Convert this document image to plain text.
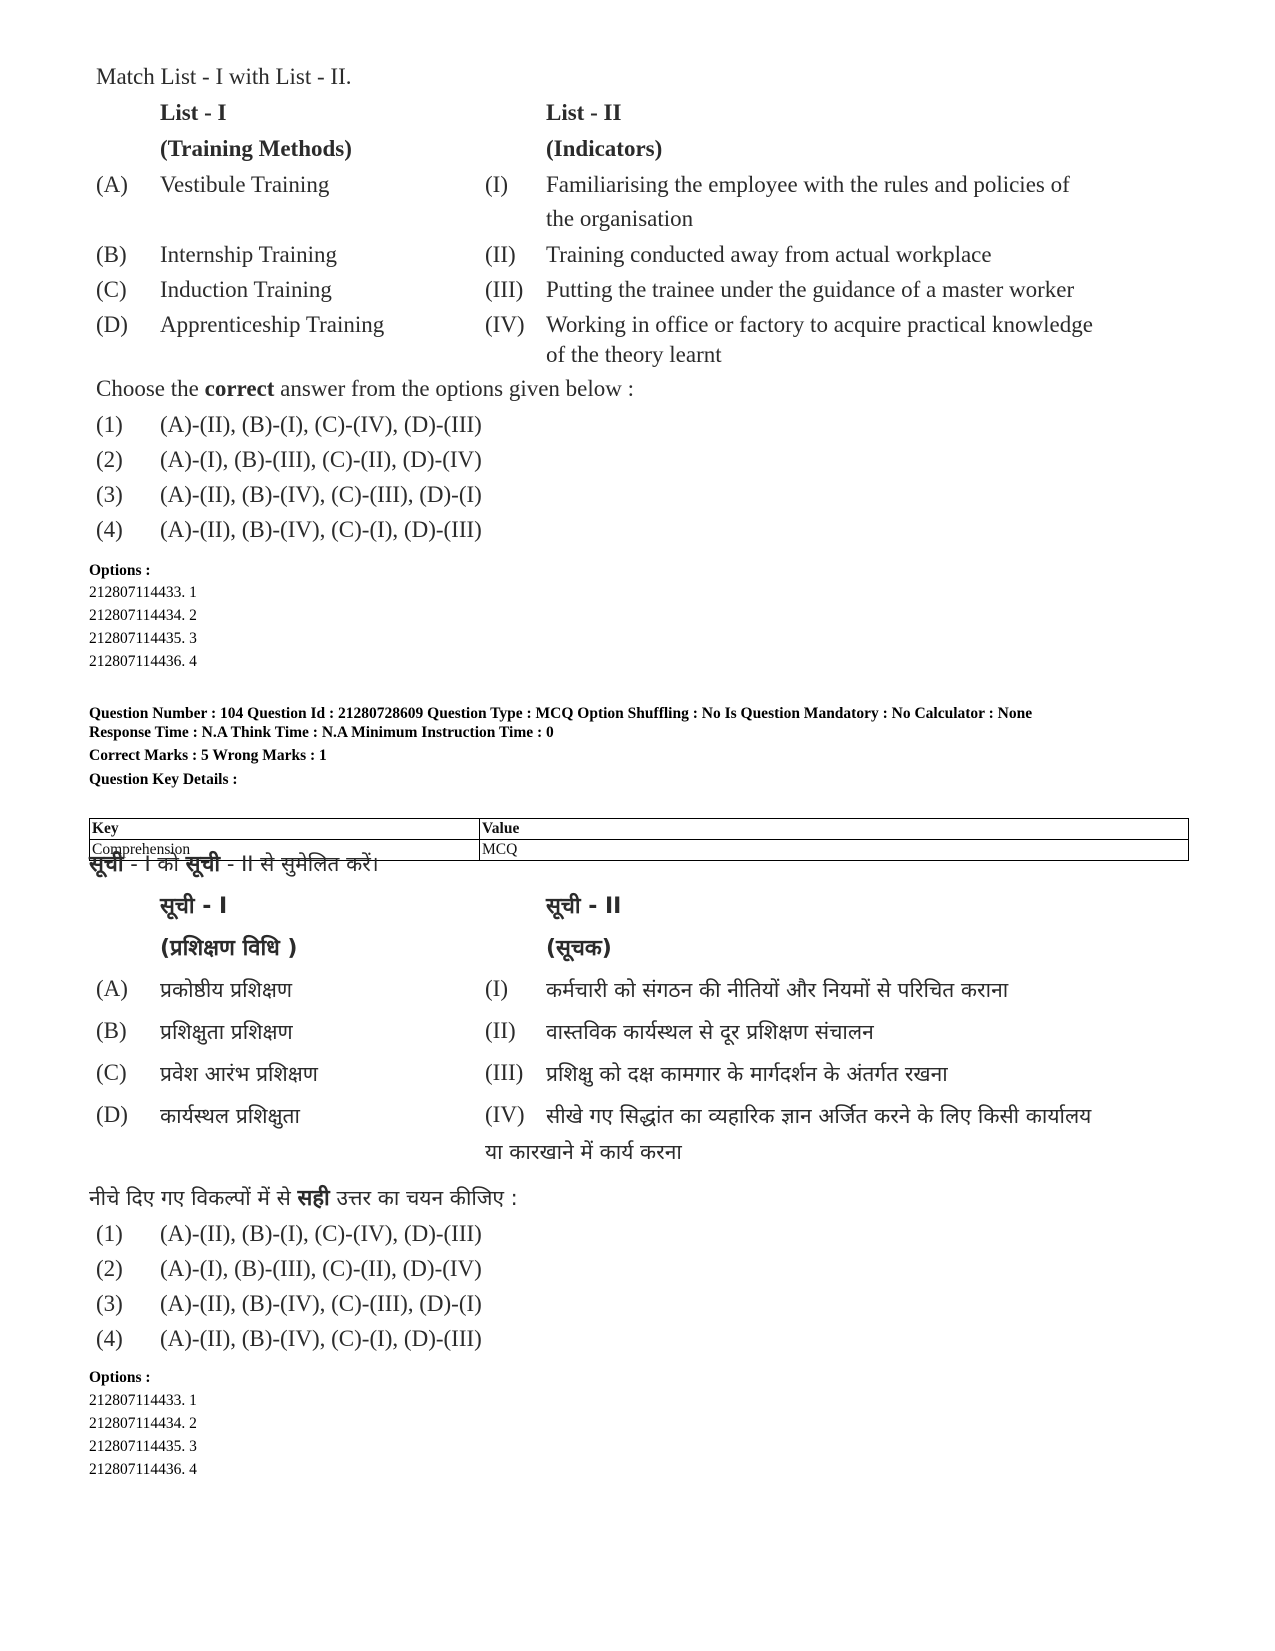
Match List - I with List - II.
List - I	List - II
(Training Methods)	(Indicators)
(A) Vestibule Training	(I) Familiarising the employee with the rules and policies of
the organisation
(B) Internship Training	(II) Training conducted away from actual workplace
(C) Induction Training	(III) Putting the trainee under the guidance of a master worker
(D) Apprenticeship Training	(IV) Working in office or factory to acquire practical knowledge
of the theory learnt
Choose the correct answer from the options given below :
(1) (A)-(II), (B)-(I), (C)-(IV), (D)-(III)
(2) (A)-(I), (B)-(III), (C)-(II), (D)-(IV)
(3) (A)-(II), (B)-(IV), (C)-(III), (D)-(I)
(4) (A)-(II), (B)-(IV), (C)-(I), (D)-(III)
Options :
212807114433. 1
212807114434. 2
212807114435. 3
212807114436. 4
Question Number : 104 Question Id : 21280728609 Question Type : MCQ Option Shuffling : No Is Question Mandatory : No Calculator : None
Response Time : N.A Think Time : N.A Minimum Instruction Time : 0
Correct Marks : 5 Wrong Marks : 1
Question Key Details :
Key	Value
Comprehension	MCQ
सूची - I को सूची - II से सुमेलित करें।
सूची - I	सूची - II
(प्रशिक्षण विधि )	(सूचक)
(A) प्रकोष्ठीय प्रशिक्षण	(I) कर्मचारी को संगठन की नीतियों और नियमों से परिचित कराना
(B) प्रशिक्षुता प्रशिक्षण	(II) वास्तविक कार्यस्थल से दूर प्रशिक्षण संचालन
(C) प्रवेश आरंभ प्रशिक्षण	(III) प्रशिक्षु को दक्ष कामगार के मार्गदर्शन के अंतर्गत रखना
(D) कार्यस्थल प्रशिक्षुता	(IV) सीखे गए सिद्धांत का व्यहारिक ज्ञान अर्जित करने के लिए किसी कार्यालय
या कारखाने में कार्य करना
नीचे दिए गए विकल्पों में से सही उत्तर का चयन कीजिए :
(1) (A)-(II), (B)-(I), (C)-(IV), (D)-(III)
(2) (A)-(I), (B)-(III), (C)-(II), (D)-(IV)
(3) (A)-(II), (B)-(IV), (C)-(III), (D)-(I)
(4) (A)-(II), (B)-(IV), (C)-(I), (D)-(III)
Options :
212807114433. 1
212807114434. 2
212807114435. 3
212807114436. 4
